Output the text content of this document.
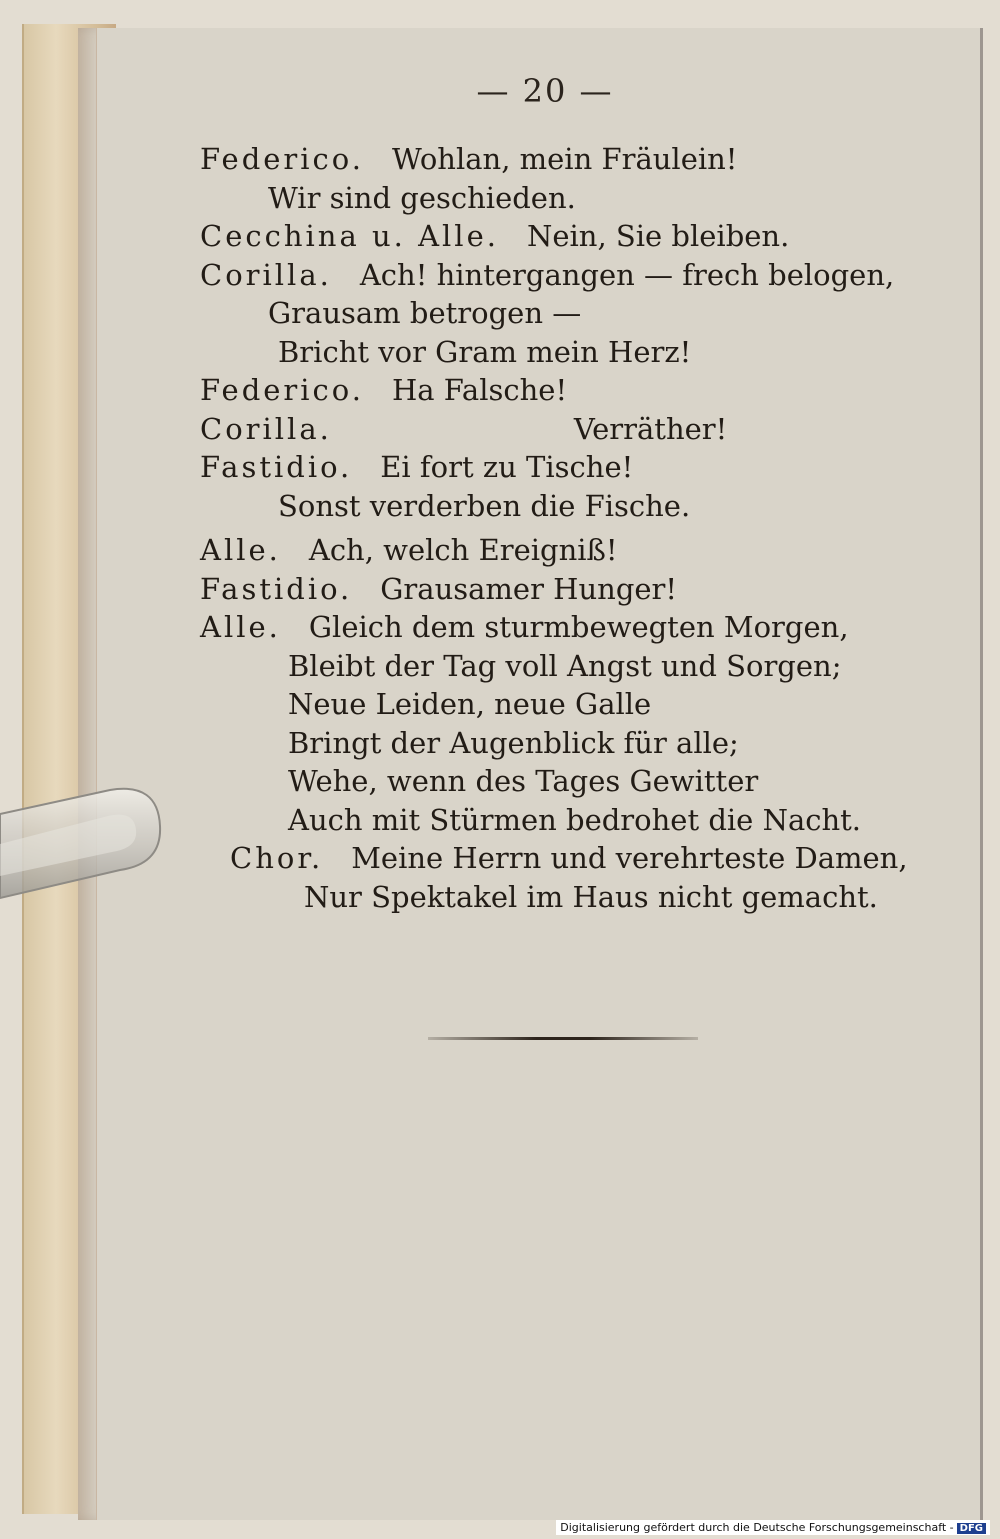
— 20 —
Federico. Wohlan, mein Fräulein!
Wir sind geschieden.
Cecchina u. Alle. Nein, Sie bleiben.
Corilla. Ach! hintergangen — frech belogen,
Grausam betrogen —
Bricht vor Gram mein Herz!
Federico. Ha Falsche!
Corilla.	Verräther!
Fastidio. Ei fort zu Tische!
Sonst verderben die Fische.
Alle. Ach, welch Ereigniß!
Fastidio. Grausamer Hunger!
Alle. Gleich dem sturmbewegten Morgen,
Bleibt der Tag voll Angst und Sorgen;
Neue Leiden, neue Galle
Bringt der Augenblick für alle;
Wehe, wenn des Tages Gewitter
Auch mit Stürmen bedrohet die Nacht.
Chor. Meine Herrn und verehrteste Damen,
Nur Spektakel im Haus nicht gemacht.
Digitalisierung gefördert durch die Deutsche Forschungsgemeinschaft - DFG
